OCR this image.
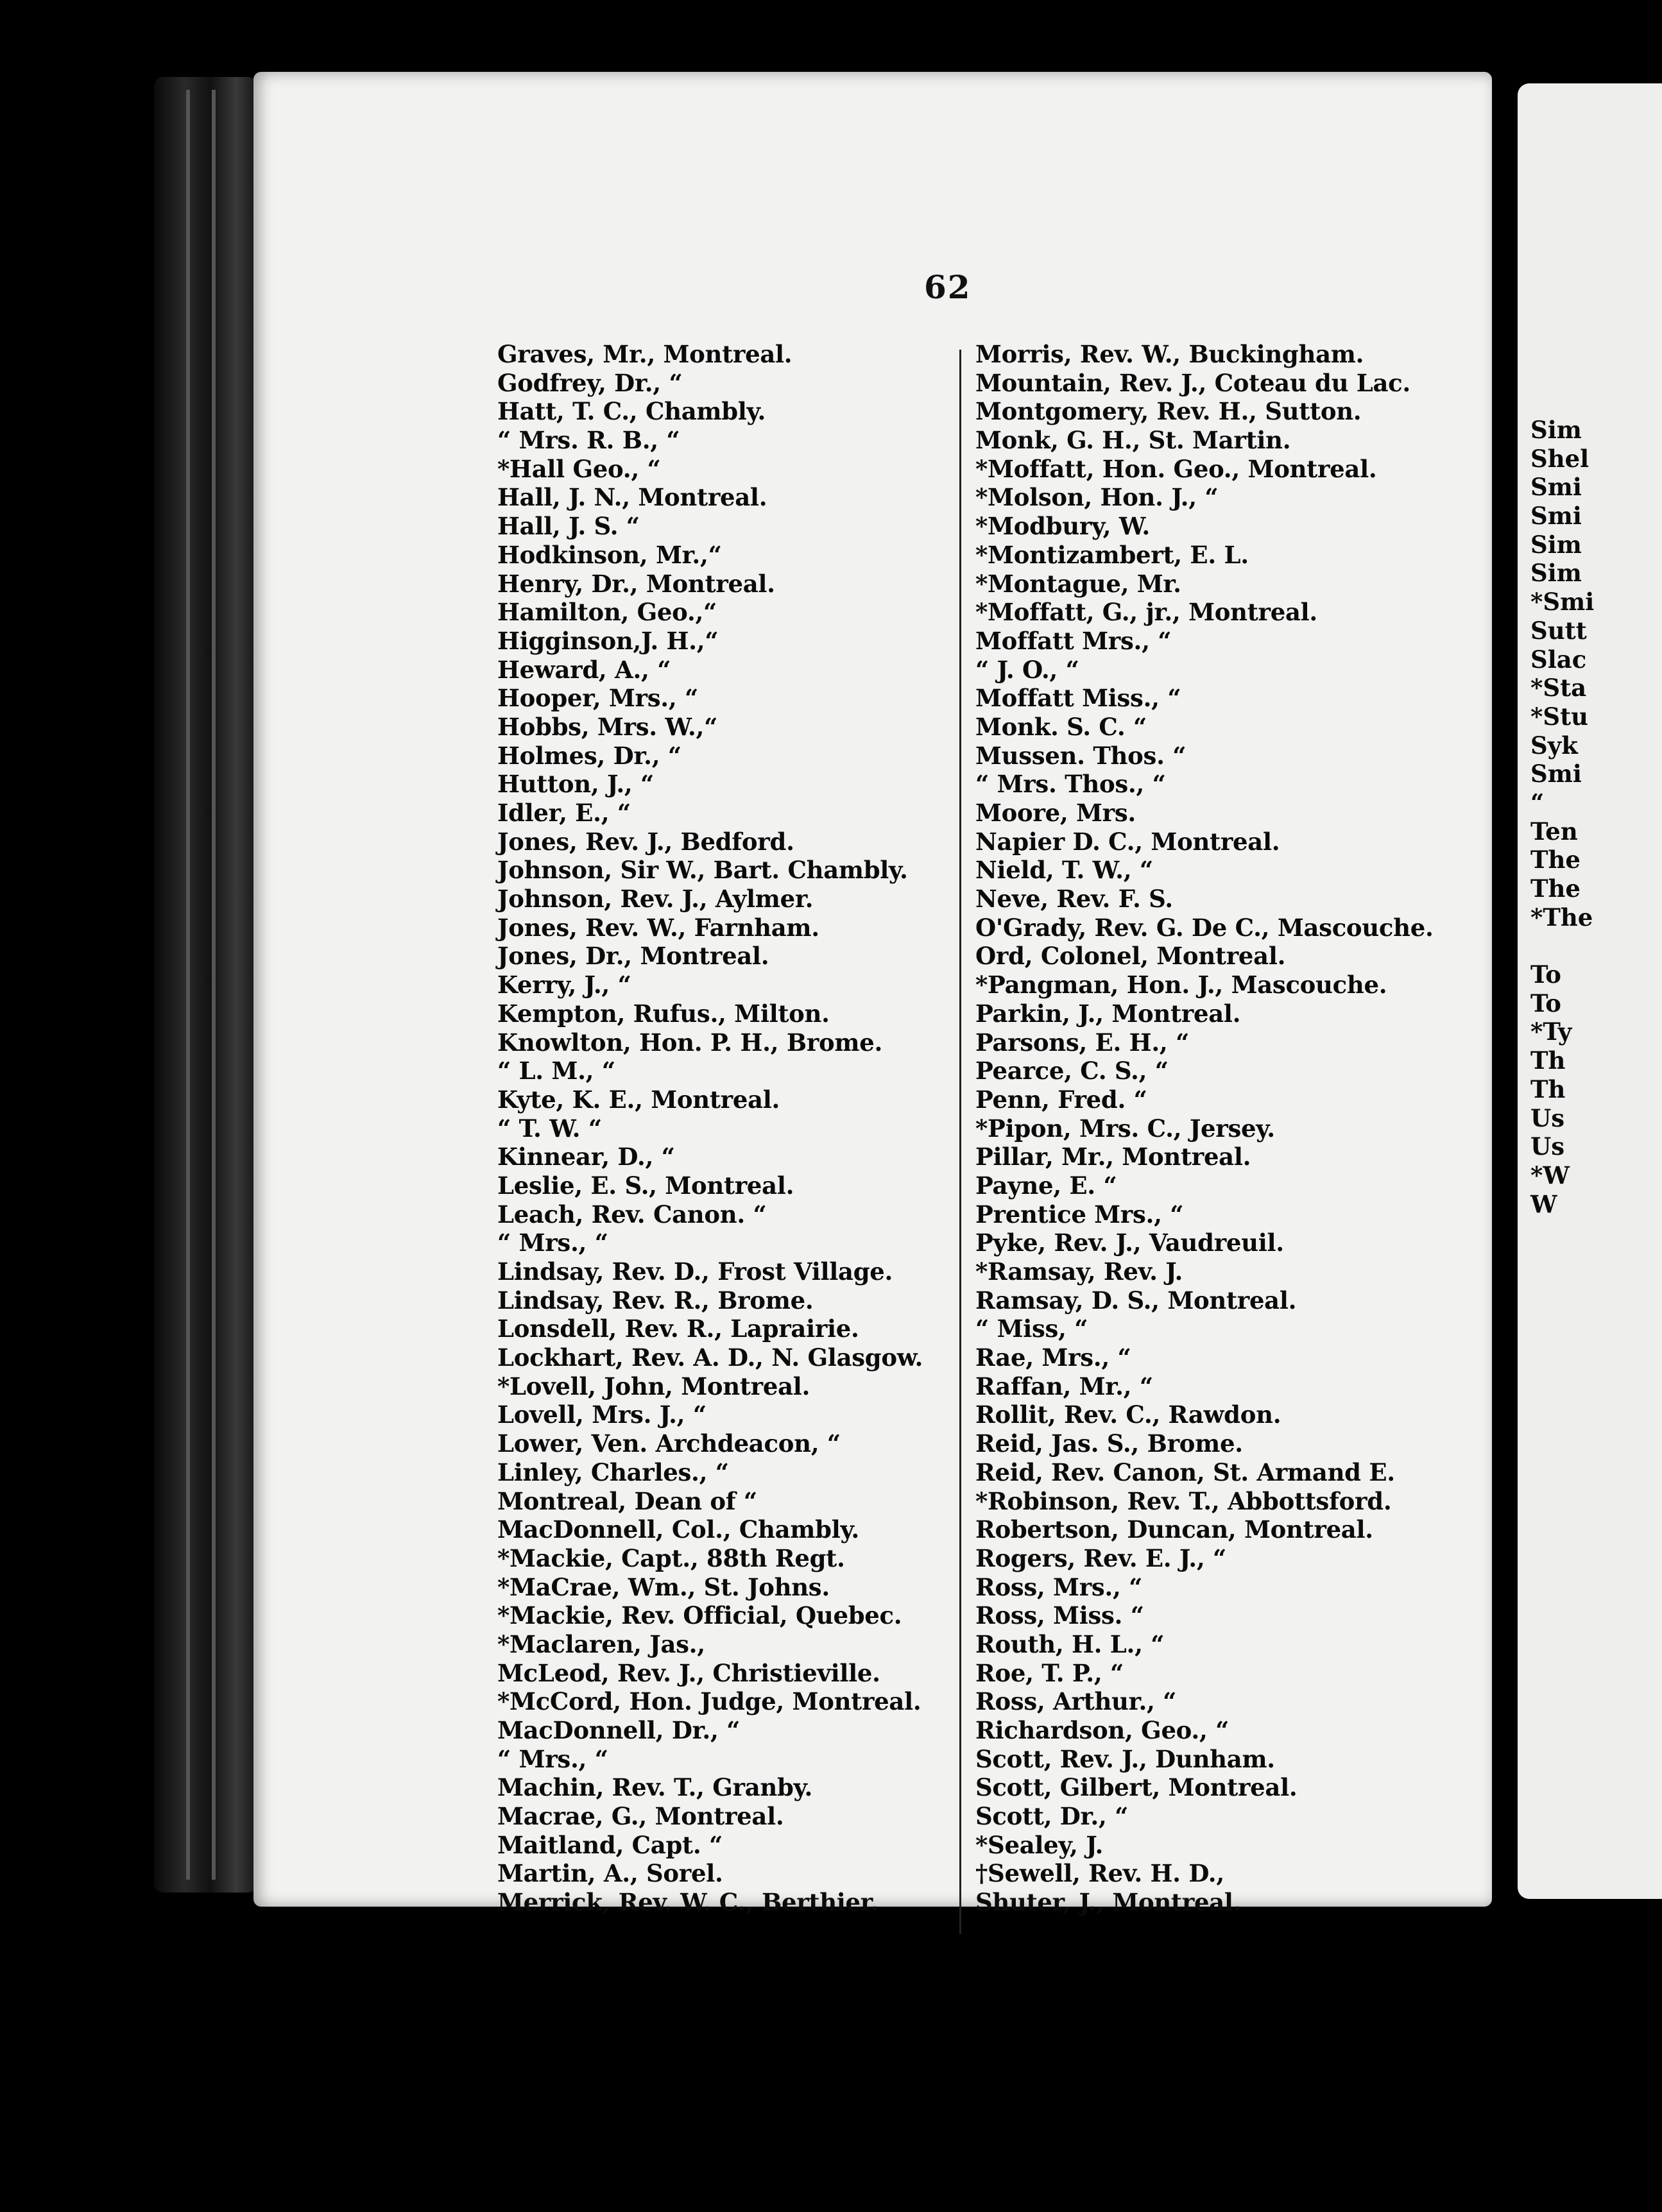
Sim
Shel
Smi
Smi
Sim
Sim
*Smi
Sutt
Slac
*Sta
*Stu
Syk
Smi
“
Ten
The
The
*The
To
To
*Ty
Th
Th
Us
Us
*W
W
62
Graves, Mr., Montreal.
Godfrey, Dr., “
Hatt, T. C., Chambly.
“ Mrs. R. B., “
*Hall Geo., “
Hall, J. N., Montreal.
Hall, J. S. “
Hodkinson, Mr.,“
Henry, Dr., Montreal.
Hamilton, Geo.,“
Higginson,J. H.,“
Heward, A., “
Hooper, Mrs., “
Hobbs, Mrs. W.,“
Holmes, Dr., “
Hutton, J., “
Idler, E., “
Jones, Rev. J., Bedford.
Johnson, Sir W., Bart. Chambly.
Johnson, Rev. J., Aylmer.
Jones, Rev. W., Farnham.
Jones, Dr., Montreal.
Kerry, J., “
Kempton, Rufus., Milton.
Knowlton, Hon. P. H., Brome.
“ L. M., “
Kyte, K. E., Montreal.
“ T. W. “
Kinnear, D., “
Leslie, E. S., Montreal.
Leach, Rev. Canon. “
“ Mrs., “
Lindsay, Rev. D., Frost Village.
Lindsay, Rev. R., Brome.
Lonsdell, Rev. R., Laprairie.
Lockhart, Rev. A. D., N. Glasgow.
*Lovell, John, Montreal.
Lovell, Mrs. J., “
Lower, Ven. Archdeacon, “
Linley, Charles., “
Montreal, Dean of “
MacDonnell, Col., Chambly.
*Mackie, Capt., 88th Regt.
*MaCrae, Wm., St. Johns.
*Mackie, Rev. Official, Quebec.
*Maclaren, Jas.,
McLeod, Rev. J., Christieville.
*McCord, Hon. Judge, Montreal.
MacDonnell, Dr., “
“ Mrs., “
Machin, Rev. T., Granby.
Macrae, G., Montreal.
Maitland, Capt. “
Martin, A., Sorel.
Merrick, Rev. W. C., Berthier.
Morris, Rev. W., Buckingham.
Mountain, Rev. J., Coteau du Lac.
Montgomery, Rev. H., Sutton.
Monk, G. H., St. Martin.
*Moffatt, Hon. Geo., Montreal.
*Molson, Hon. J., “
*Modbury, W.
*Montizambert, E. L.
*Montague, Mr.
*Moffatt, G., jr., Montreal.
Moffatt Mrs., “
“ J. O., “
Moffatt Miss., “
Monk. S. C. “
Mussen. Thos. “
“ Mrs. Thos., “
Moore, Mrs.
Napier D. C., Montreal.
Nield, T. W., “
Neve, Rev. F. S.
O'Grady, Rev. G. De C., Mascouche.
Ord, Colonel, Montreal.
*Pangman, Hon. J., Mascouche.
Parkin, J., Montreal.
Parsons, E. H., “
Pearce, C. S., “
Penn, Fred. “
*Pipon, Mrs. C., Jersey.
Pillar, Mr., Montreal.
Payne, E. “
Prentice Mrs., “
Pyke, Rev. J., Vaudreuil.
*Ramsay, Rev. J.
Ramsay, D. S., Montreal.
“ Miss, “
Rae, Mrs., “
Raffan, Mr., “
Rollit, Rev. C., Rawdon.
Reid, Jas. S., Brome.
Reid, Rev. Canon, St. Armand E.
*Robinson, Rev. T., Abbottsford.
Robertson, Duncan, Montreal.
Rogers, Rev. E. J., “
Ross, Mrs., “
Ross, Miss. “
Routh, H. L., “
Roe, T. P., “
Ross, Arthur., “
Richardson, Geo., “
Scott, Rev. J., Dunham.
Scott, Gilbert, Montreal.
Scott, Dr., “
*Sealey, J.
†Sewell, Rev. H. D.,
Shuter, J., Montreal.
